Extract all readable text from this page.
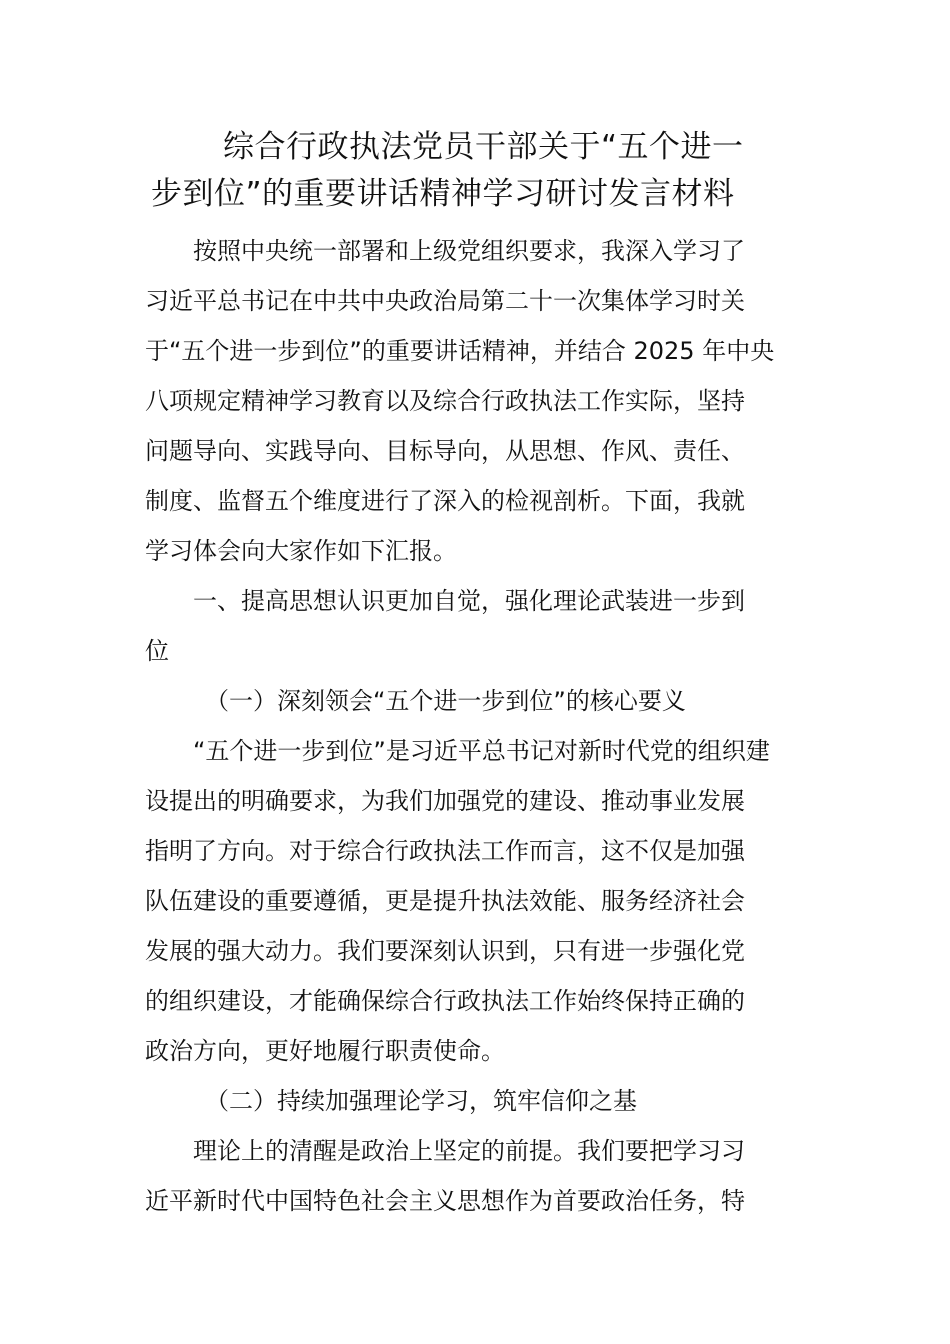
综合行政执法党员干部关于“五个进一
步到位”的重要讲话精神学习研讨发言材料
按照中央统一部署和上级党组织要求，我深入学习了
习近平总书记在中共中央政治局第二十一次集体学习时关
于“五个进一步到位”的重要讲话精神，并结合 2025 年中央
八项规定精神学习教育以及综合行政执法工作实际，坚持
问题导向、实践导向、目标导向，从思想、作风、责任、
制度、监督五个维度进行了深入的检视剖析。下面，我就
学习体会向大家作如下汇报。
一、提高思想认识更加自觉，强化理论武装进一步到
位
（一）深刻领会“五个进一步到位”的核心要义
“五个进一步到位”是习近平总书记对新时代党的组织建
设提出的明确要求，为我们加强党的建设、推动事业发展
指明了方向。对于综合行政执法工作而言，这不仅是加强
队伍建设的重要遵循，更是提升执法效能、服务经济社会
发展的强大动力。我们要深刻认识到，只有进一步强化党
的组织建设，才能确保综合行政执法工作始终保持正确的
政治方向，更好地履行职责使命。
（二）持续加强理论学习，筑牢信仰之基
理论上的清醒是政治上坚定的前提。我们要把学习习
近平新时代中国特色社会主义思想作为首要政治任务，特
